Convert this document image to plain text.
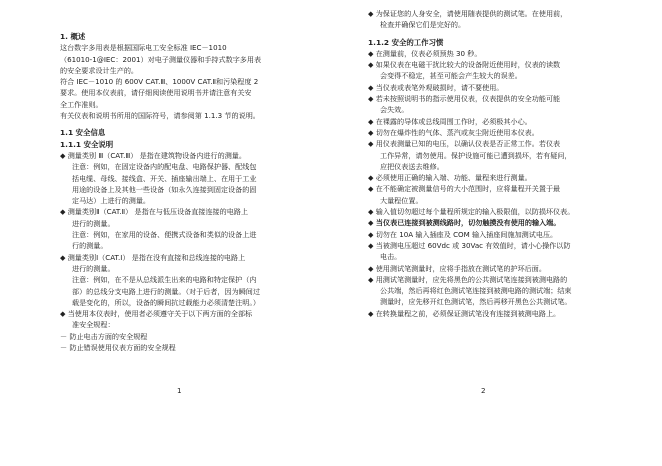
1. 概述
这台数字多用表是根据国际电工安全标准 IEC－1010
（61010-1@IEC：2001）对电子测量仪器和手持式数字多用表
的安全要求设计生产的。
符合 IEC－1010 的 600V CAT.Ⅲ、1000V CAT.Ⅱ和污染程度 2
要求。使用本仪表前，请仔细阅读使用说明书并请注意有关安
全工作准则。
有关仪表和说明书所用的国际符号，请参阅第 1.1.3 节的说明。
1.1 安全信息
1.1.1 安全说明
◆ 测量类别 Ⅲ（CAT.Ⅲ） 是指在建筑物设备内进行的测量。
注意：例如，在固定设备内的配电盘、电路保护器、配线包
括电缆、母线、接线盒、开关、插座输出端上、在用于工业
用途的设备上及其他一些设备（如永久连接到固定设备的固
定马达）上进行的测量。
◆ 测量类别Ⅱ（CAT.Ⅱ） 是指在与低压设备直接连接的电路上
进行的测量。
注意：例如，在家用的设备、便携式设备和类似的设备上进
行的测量。
◆ 测量类别Ⅰ（CAT.Ⅰ） 是指在没有直接和总线连接的电路上
进行的测量。
注意：例如，在不是从总线派生出来的电路和特定保护（内
部）的总线分支电路上进行的测量。（对于后者，因为瞬间过
载是变化的，所以，设备的瞬间抗过载能力必须清楚注明。）
◆ 当使用本仪表时，使用者必须遵守关于以下两方面的全部标
准安全规程：
－ 防止电击方面的安全规程
－ 防止错误使用仪表方面的安全规程
1
◆ 为保证您的人身安全，请使用随表提供的测试笔。在使用前，
检查并确保它们是完好的。
1.1.2 安全的工作习惯
◆ 在测量前，仪表必须预热 30 秒。
◆ 如果仪表在电磁干扰比较大的设备附近使用时，仪表的读数
会变得不稳定，甚至可能会产生较大的误差。
◆ 当仪表或表笔外观破损时，请不要使用。
◆ 若未按照说明书的指示使用仪表，仪表提供的安全功能可能
会失效。
◆ 在裸露的导体或总线周围工作时，必须极其小心。
◆ 切勿在爆炸性的气体、蒸汽或灰尘附近使用本仪表。
◆ 用仪表测量已知的电压，以确认仪表是否正常工作。若仪表
工作异常，请勿使用。保护设施可能已遭到损坏，若有疑问，
应把仪表送去维修。
◆ 必须使用正确的输入端、功能、量程来进行测量。
◆ 在不能确定被测量信号的大小范围时，应将量程开关置于最
大量程位置。
◆ 输入值切勿超过每个量程所规定的输入极限值，以防损坏仪表。
◆ 当仪表已连接到被测线路时，切勿触摸没有使用的输入端。
◆ 切勿在 10A 输入插座及 COM 输入插座间施加测试电压。
◆ 当被测电压超过 60Vdc 或 30Vac 有效值时，请小心操作以防
电击。
◆ 使用测试笔测量时，应将手指放在测试笔的护环后面。
◆ 用测试笔测量时，应先将黑色的公共测试笔连接到被测电路的
公共端，然后再将红色测试笔连接到被测电路的测试端；结束
测量时，应先移开红色测试笔，然后再移开黑色公共测试笔。
◆ 在转换量程之前，必须保证测试笔没有连接到被测电路上。
2
